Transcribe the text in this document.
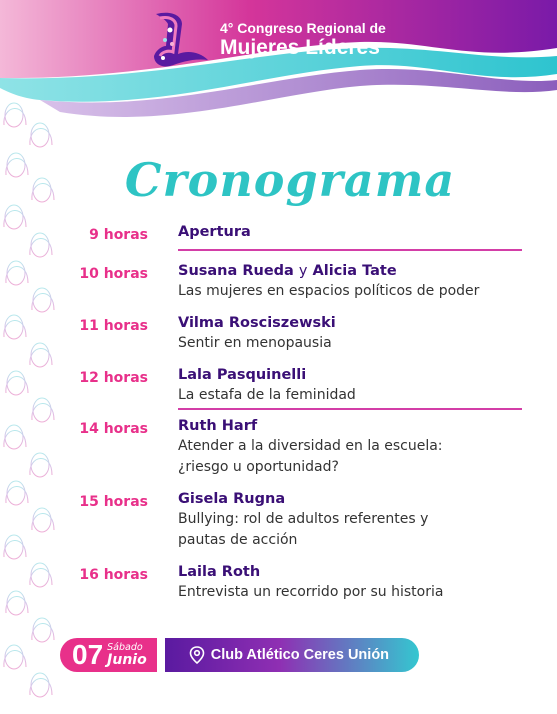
4° Congreso Regional de
Mujeres Líderes
Cronograma
9 horas Apertura
10 horas Susana Rueda y Alicia Tate
Las mujeres en espacios políticos de poder
11 horas Vilma Rosciszewski
Sentir en menopausia
12 horas Lala Pasquinelli
La estafa de la feminidad
14 horas Ruth Harf
Atender a la diversidad en la escuela:
¿riesgo u oportunidad?
15 horas Gisela Rugna
Bullying: rol de adultos referentes y
pautas de acción
16 horas Laila Roth
Entrevista un recorrido por su historia
07 Sábado
Junio	Club Atlético Ceres Unión
